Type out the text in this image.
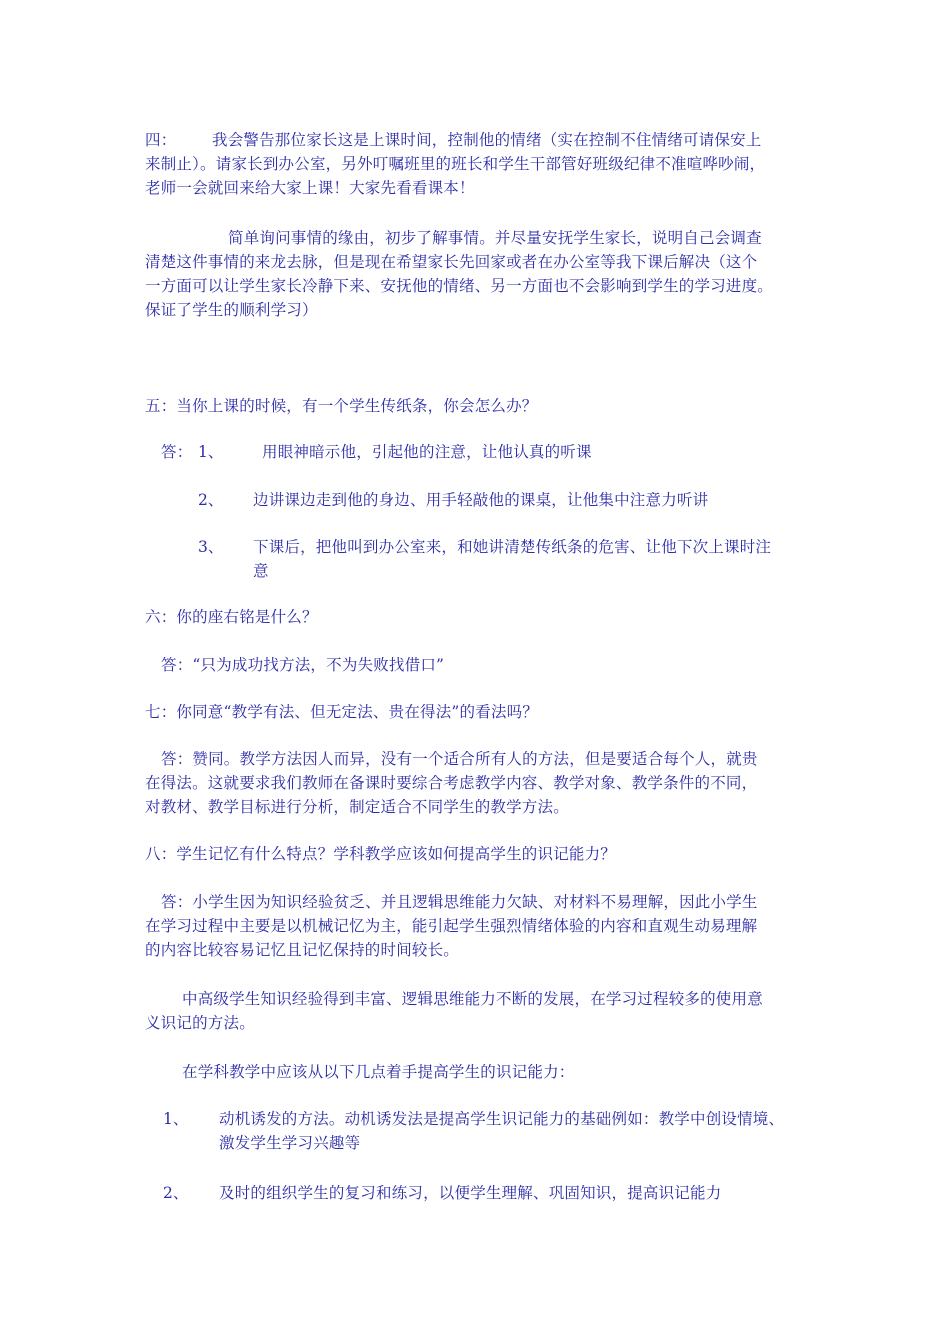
四： 我会警告那位家长这是上课时间，控制他的情绪（实在控制不住情绪可请保安上
来制止）。请家长到办公室，另外叮嘱班里的班长和学生干部管好班级纪律不准喧哗吵闹，
老师一会就回来给大家上课！大家先看看课本！
简单询问事情的缘由，初步了解事情。并尽量安抚学生家长，说明自己会调查
清楚这件事情的来龙去脉，但是现在希望家长先回家或者在办公室等我下课后解决（这个
一方面可以让学生家长冷静下来、安抚他的情绪、另一方面也不会影响到学生的学习进度。
保证了学生的顺利学习）
五：当你上课的时候，有一个学生传纸条，你会怎么办？
答： 1、 用眼神暗示他，引起他的注意，让他认真的听课
2、 边讲课边走到他的身边、用手轻敲他的课桌，让他集中注意力听讲
3、 下课后，把他叫到办公室来，和她讲清楚传纸条的危害、让他下次上课时注
意
六：你的座右铭是什么？
答：“只为成功找方法，不为失败找借口”
七：你同意“教学有法、但无定法、贵在得法”的看法吗？
答：赞同。教学方法因人而异，没有一个适合所有人的方法，但是要适合每个人，就贵
在得法。这就要求我们教师在备课时要综合考虑教学内容、教学对象、教学条件的不同，
对教材、教学目标进行分析，制定适合不同学生的教学方法。
八：学生记忆有什么特点？学科教学应该如何提高学生的识记能力？
答：小学生因为知识经验贫乏、并且逻辑思维能力欠缺、对材料不易理解，因此小学生
在学习过程中主要是以机械记忆为主，能引起学生强烈情绪体验的内容和直观生动易理解
的内容比较容易记忆且记忆保持的时间较长。
中高级学生知识经验得到丰富、逻辑思维能力不断的发展，在学习过程较多的使用意
义识记的方法。
在学科教学中应该从以下几点着手提高学生的识记能力：
1、 动机诱发的方法。动机诱发法是提高学生识记能力的基础例如：教学中创设情境、
激发学生学习兴趣等
2、 及时的组织学生的复习和练习，以便学生理解、巩固知识，提高识记能力
